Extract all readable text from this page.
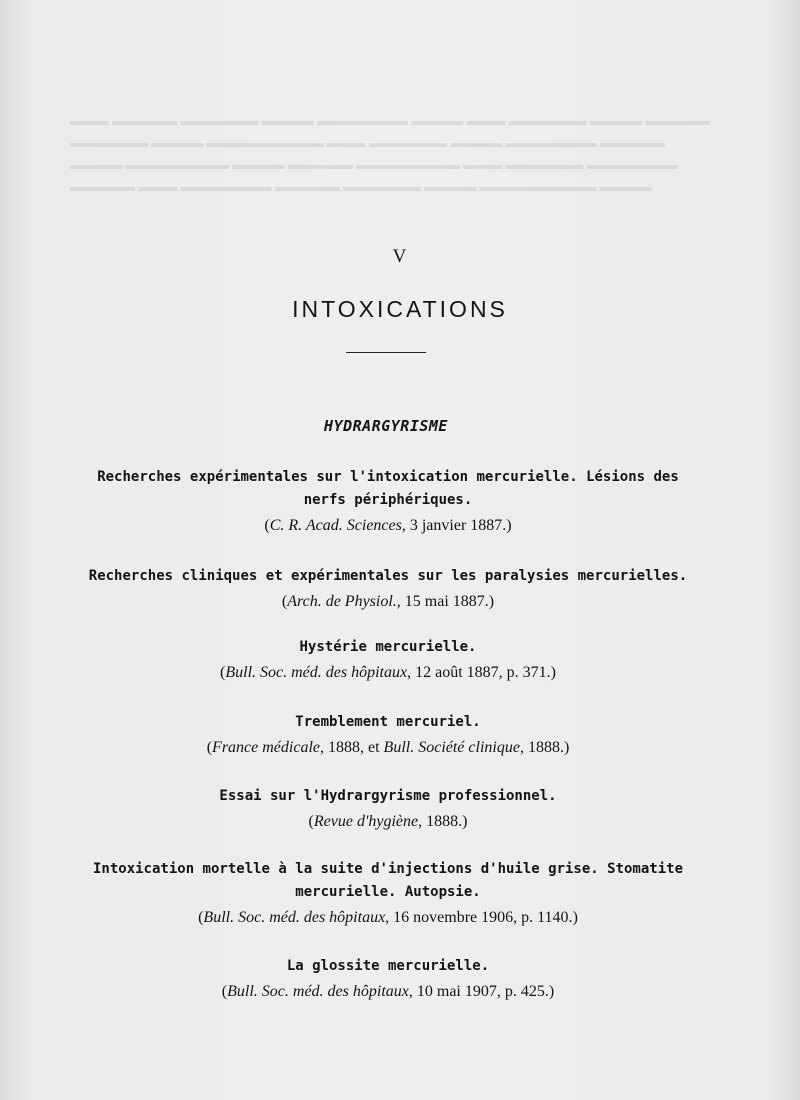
▬▬▬ ▬▬▬▬▬ ▬▬▬▬▬▬ ▬▬▬▬ ▬▬▬▬▬▬▬ ▬▬▬▬ ▬▬▬ ▬▬▬▬▬▬ ▬▬▬▬ ▬▬▬▬▬
▬▬▬▬▬▬ ▬▬▬▬ ▬▬▬▬▬▬▬▬▬ ▬▬▬ ▬▬▬▬▬▬ ▬▬▬▬ ▬▬▬▬▬▬▬ ▬▬▬▬▬
▬▬▬▬ ▬▬▬▬▬▬▬▬ ▬▬▬▬ ▬▬▬▬▬ ▬▬▬▬▬▬▬▬ ▬▬▬ ▬▬▬▬▬▬ ▬▬▬▬▬▬▬
▬▬▬▬▬ ▬▬▬ ▬▬▬▬▬▬▬ ▬▬▬▬▬ ▬▬▬▬▬▬ ▬▬▬▬ ▬▬▬▬▬▬▬▬▬ ▬▬▬▬
V
INTOXICATIONS
HYDRARGYRISME
Recherches expérimentales sur l'intoxication mercurielle. Lésions des nerfs périphériques.
(C. R. Acad. Sciences, 3 janvier 1887.)
Recherches cliniques et expérimentales sur les paralysies mercurielles.
(Arch. de Physiol., 15 mai 1887.)
Hystérie mercurielle.
(Bull. Soc. méd. des hôpitaux, 12 août 1887, p. 371.)
Tremblement mercuriel.
(France médicale, 1888, et Bull. Société clinique, 1888.)
Essai sur l'Hydrargyrisme professionnel.
(Revue d'hygiène, 1888.)
Intoxication mortelle à la suite d'injections d'huile grise. Stomatite mercurielle. Autopsie.
(Bull. Soc. méd. des hôpitaux, 16 novembre 1906, p. 1140.)
La glossite mercurielle.
(Bull. Soc. méd. des hôpitaux, 10 mai 1907, p. 425.)
